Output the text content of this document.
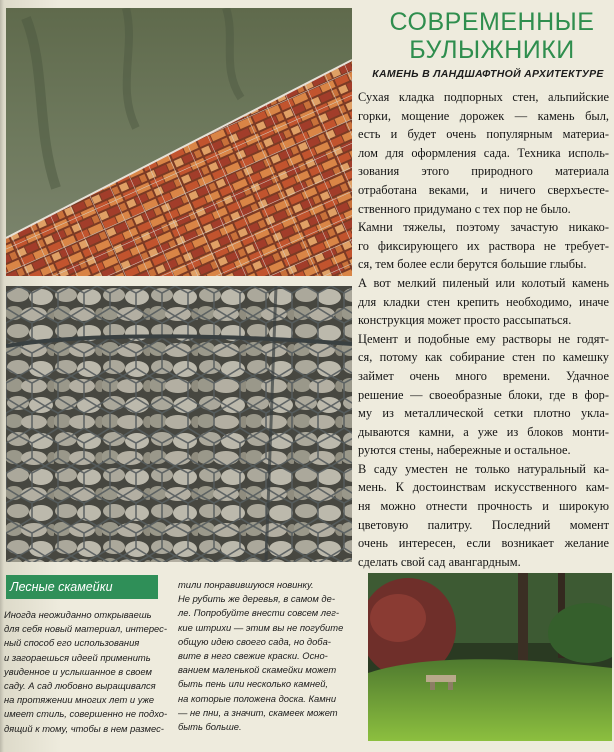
СОВРЕМЕННЫЕ
БУЛЫЖНИКИ
КАМЕНЬ В ЛАНДШАФТНОЙ АРХИТЕКТУРЕ
Сухая кладка подпорных стен, альпийские
горки, мощение дорожек — камень был,
есть и будет очень популярным материа-
лом для оформления сада. Техника исполь-
зования этого природного материала
отработана веками, и ничего сверхъесте-
ственного придумано с тех пор не было.
Камни тяжелы, поэтому зачастую никако-
го фиксирующего их раствора не требует-
ся, тем более если берутся большие глыбы.
А вот мелкий пиленый или колотый камень
для кладки стен крепить необходимо, иначе
конструкция может просто рассыпаться.
Цемент и подобные ему растворы не годят-
ся, потому как собирание стен по камешку
займет очень много времени. Удачное
решение — своеобразные блоки, где в фор-
му из металлической сетки плотно укла-
дываются камни, а уже из блоков монти-
руются стены, набережные и остальное.
В саду уместен не только натуральный ка-
мень. К достоинствам искусственного кам-
ня можно отнести прочность и широкую
цветовую палитру. Последний момент
очень интересен, если возникает желание
сделать свой сад авангардным.
Лесные скамейки
Иногда неожиданно открываешь
для себя новый материал, интерес-
ный способ его использования
и загораешься идеей применить
увиденное и услышанное в своем
саду. А сад любовно выращивался
на протяжении многих лет и уже
имеет стиль, совершенно не подхо-
дящий к тому, чтобы в нем размес-
тили понравившуюся новинку.
Не рубить же деревья, в самом де-
ле. Попробуйте внести совсем лег-
кие штрихи — этим вы не погубите
общую идею своего сада, но доба-
вите в него свежие краски. Осно-
ванием маленькой скамейки может
быть пень или несколько камней,
на которые положена доска. Камни
— не пни, а значит, скамеек может
быть больше.
